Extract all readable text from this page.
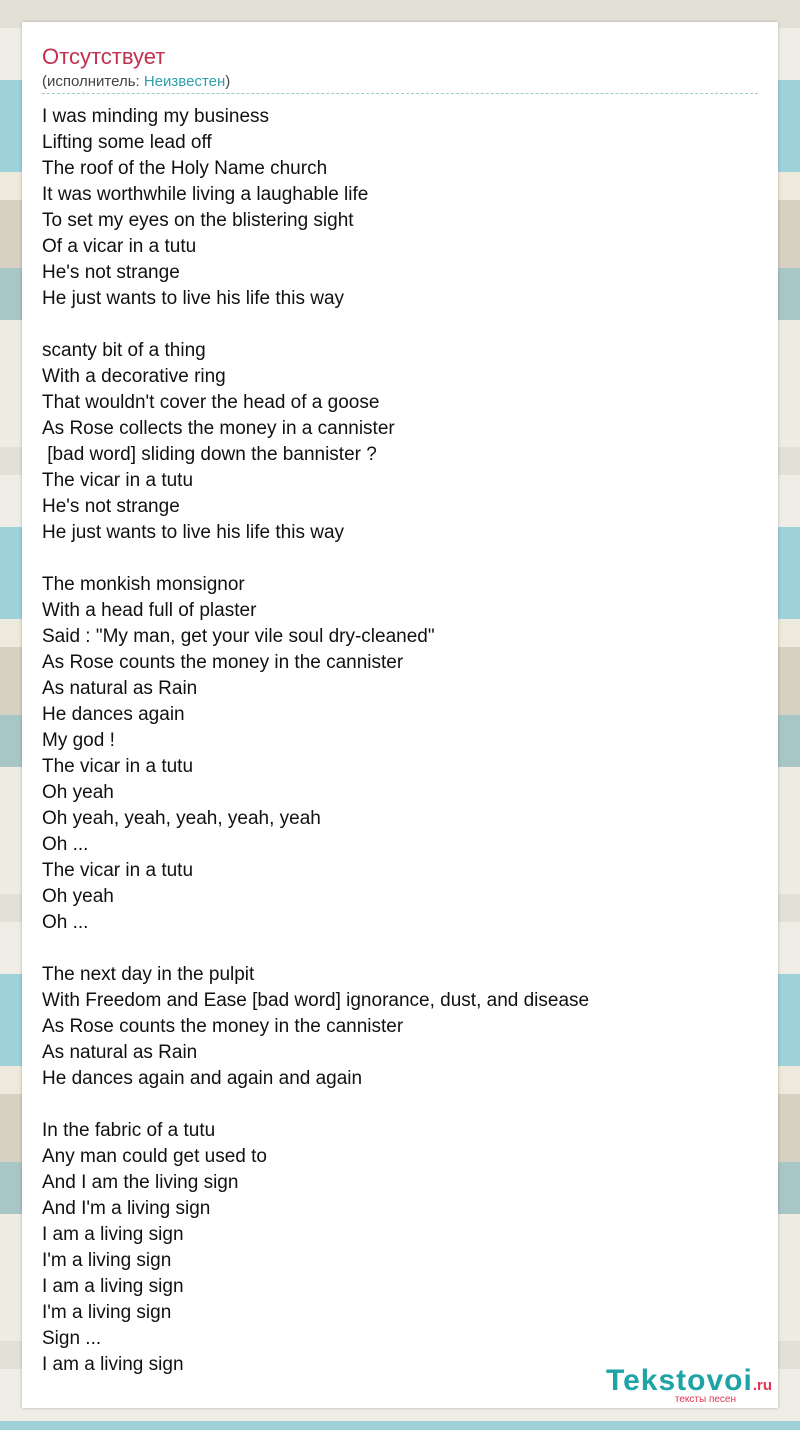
Отсутствует
(исполнитель: Неизвестен)
I was minding my business
Lifting some lead off
The roof of the Holy Name church
It was worthwhile living a laughable life
To set my eyes on the blistering sight
Of a vicar in a tutu
He's not strange
He just wants to live his life this way
scanty bit of a thing
With a decorative ring
That wouldn't cover the head of a goose
As Rose collects the money in a cannister
[bad word] sliding down the bannister ?
The vicar in a tutu
He's not strange
He just wants to live his life this way
The monkish monsignor
With a head full of plaster
Said : "My man, get your vile soul dry-cleaned"
As Rose counts the money in the cannister
As natural as Rain
He dances again
My god !
The vicar in a tutu
Oh yeah
Oh yeah, yeah, yeah, yeah, yeah
Oh ...
The vicar in a tutu
Oh yeah
Oh ...
The next day in the pulpit
With Freedom and Ease [bad word] ignorance, dust, and disease
As Rose counts the money in the cannister
As natural as Rain
He dances again and again and again
In the fabric of a tutu
Any man could get used to
And I am the living sign
And I'm a living sign
I am a living sign
I'm a living sign
I am a living sign
I'm a living sign
Sign ...
I am a living sign	Tekstovoi.ru
тексты песен
